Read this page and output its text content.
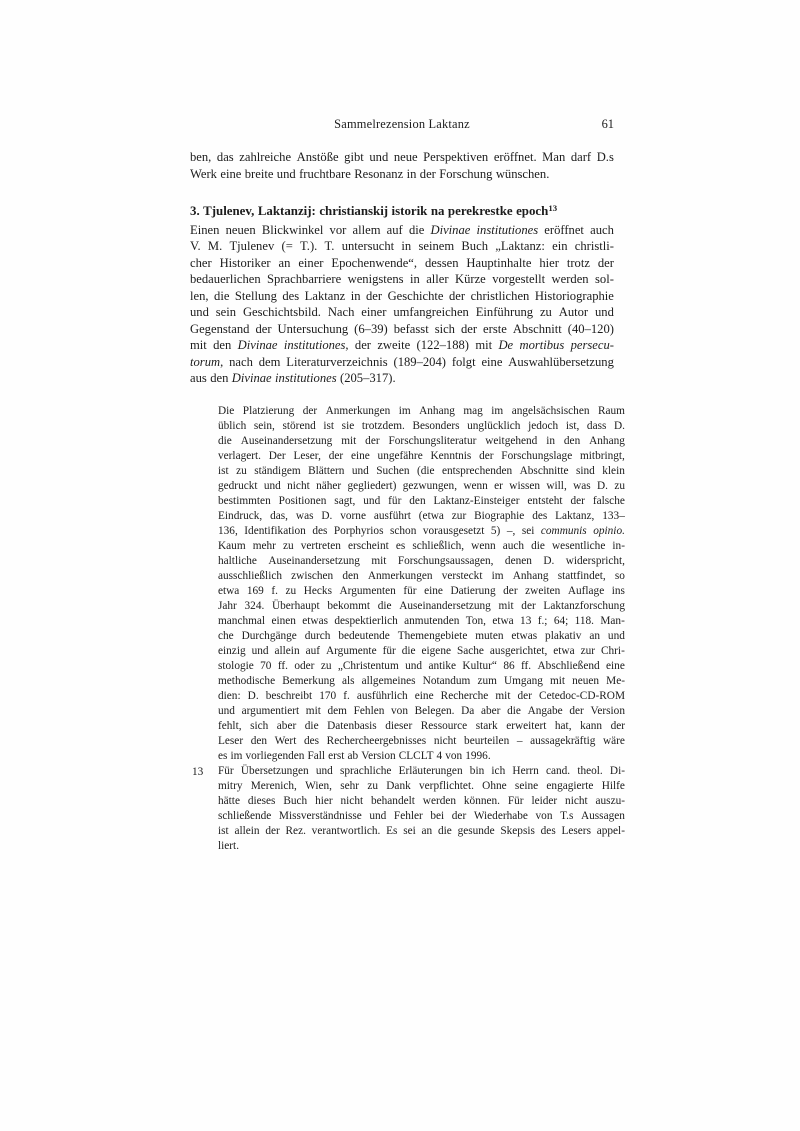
Sammelrezension Laktanz	61
ben, das zahlreiche Anstöße gibt und neue Perspektiven eröffnet. Man darf D.s
Werk eine breite und fruchtbare Resonanz in der Forschung wünschen.
3. Tjulenev, Laktanzij: christianskij istorik na perekrestke epoch$^{13}$
Einen neuen Blickwinkel vor allem auf die Divinae institutiones eröffnet auch
V. M. Tjulenev (= T.). T. untersucht in seinem Buch „Laktanz: ein christli-
cher Historiker an einer Epochenwende“, dessen Hauptinhalte hier trotz der
bedauerlichen Sprachbarriere wenigstens in aller Kürze vorgestellt werden sol-
len, die Stellung des Laktanz in der Geschichte der christlichen Historiographie
und sein Geschichtsbild. Nach einer umfangreichen Einführung zu Autor und
Gegenstand der Untersuchung (6–39) befasst sich der erste Abschnitt (40–120)
mit den Divinae institutiones, der zweite (122–188) mit De mortibus persecu-
torum, nach dem Literaturverzeichnis (189–204) folgt eine Auswahlübersetzung
aus den Divinae institutiones (205–317).
Die Platzierung der Anmerkungen im Anhang mag im angelsächsischen Raum
üblich sein, störend ist sie trotzdem. Besonders unglücklich jedoch ist, dass D.
die Auseinandersetzung mit der Forschungsliteratur weitgehend in den Anhang
verlagert. Der Leser, der eine ungefähre Kenntnis der Forschungslage mitbringt,
ist zu ständigem Blättern und Suchen (die entsprechenden Abschnitte sind klein
gedruckt und nicht näher gegliedert) gezwungen, wenn er wissen will, was D. zu
bestimmten Positionen sagt, und für den Laktanz-Einsteiger entsteht der falsche
Eindruck, das, was D. vorne ausführt (etwa zur Biographie des Laktanz, 133–
136, Identifikation des Porphyrios schon vorausgesetzt 5) –, sei communis opinio.
Kaum mehr zu vertreten erscheint es schließlich, wenn auch die wesentliche in-
haltliche Auseinandersetzung mit Forschungsaussagen, denen D. widerspricht,
ausschließlich zwischen den Anmerkungen versteckt im Anhang stattfindet, so
etwa 169 f. zu Hecks Argumenten für eine Datierung der zweiten Auflage ins
Jahr 324. Überhaupt bekommt die Auseinandersetzung mit der Laktanzforschung
manchmal einen etwas despektierlich anmutenden Ton, etwa 13 f.; 64; 118. Man-
che Durchgänge durch bedeutende Themengebiete muten etwas plakativ an und
einzig und allein auf Argumente für die eigene Sache ausgerichtet, etwa zur Chri-
stologie 70 ff. oder zu „Christentum und antike Kultur“ 86 ff. Abschließend eine
methodische Bemerkung als allgemeines Notandum zum Umgang mit neuen Me-
dien: D. beschreibt 170 f. ausführlich eine Recherche mit der Cetedoc-CD-ROM
und argumentiert mit dem Fehlen von Belegen. Da aber die Angabe der Version
fehlt, sich aber die Datenbasis dieser Ressource stark erweitert hat, kann der
Leser den Wert des Rechercheergebnisses nicht beurteilen – aussagekräftig wäre
es im vorliegenden Fall erst ab Version CLCLT 4 von 1996.
13 Für Übersetzungen und sprachliche Erläuterungen bin ich Herrn cand. theol. Di-
mitry Merenich, Wien, sehr zu Dank verpflichtet. Ohne seine engagierte Hilfe
hätte dieses Buch hier nicht behandelt werden können. Für leider nicht auszu-
schließende Missverständnisse und Fehler bei der Wiederhabe von T.s Aussagen
ist allein der Rez. verantwortlich. Es sei an die gesunde Skepsis des Lesers appel-
liert.
